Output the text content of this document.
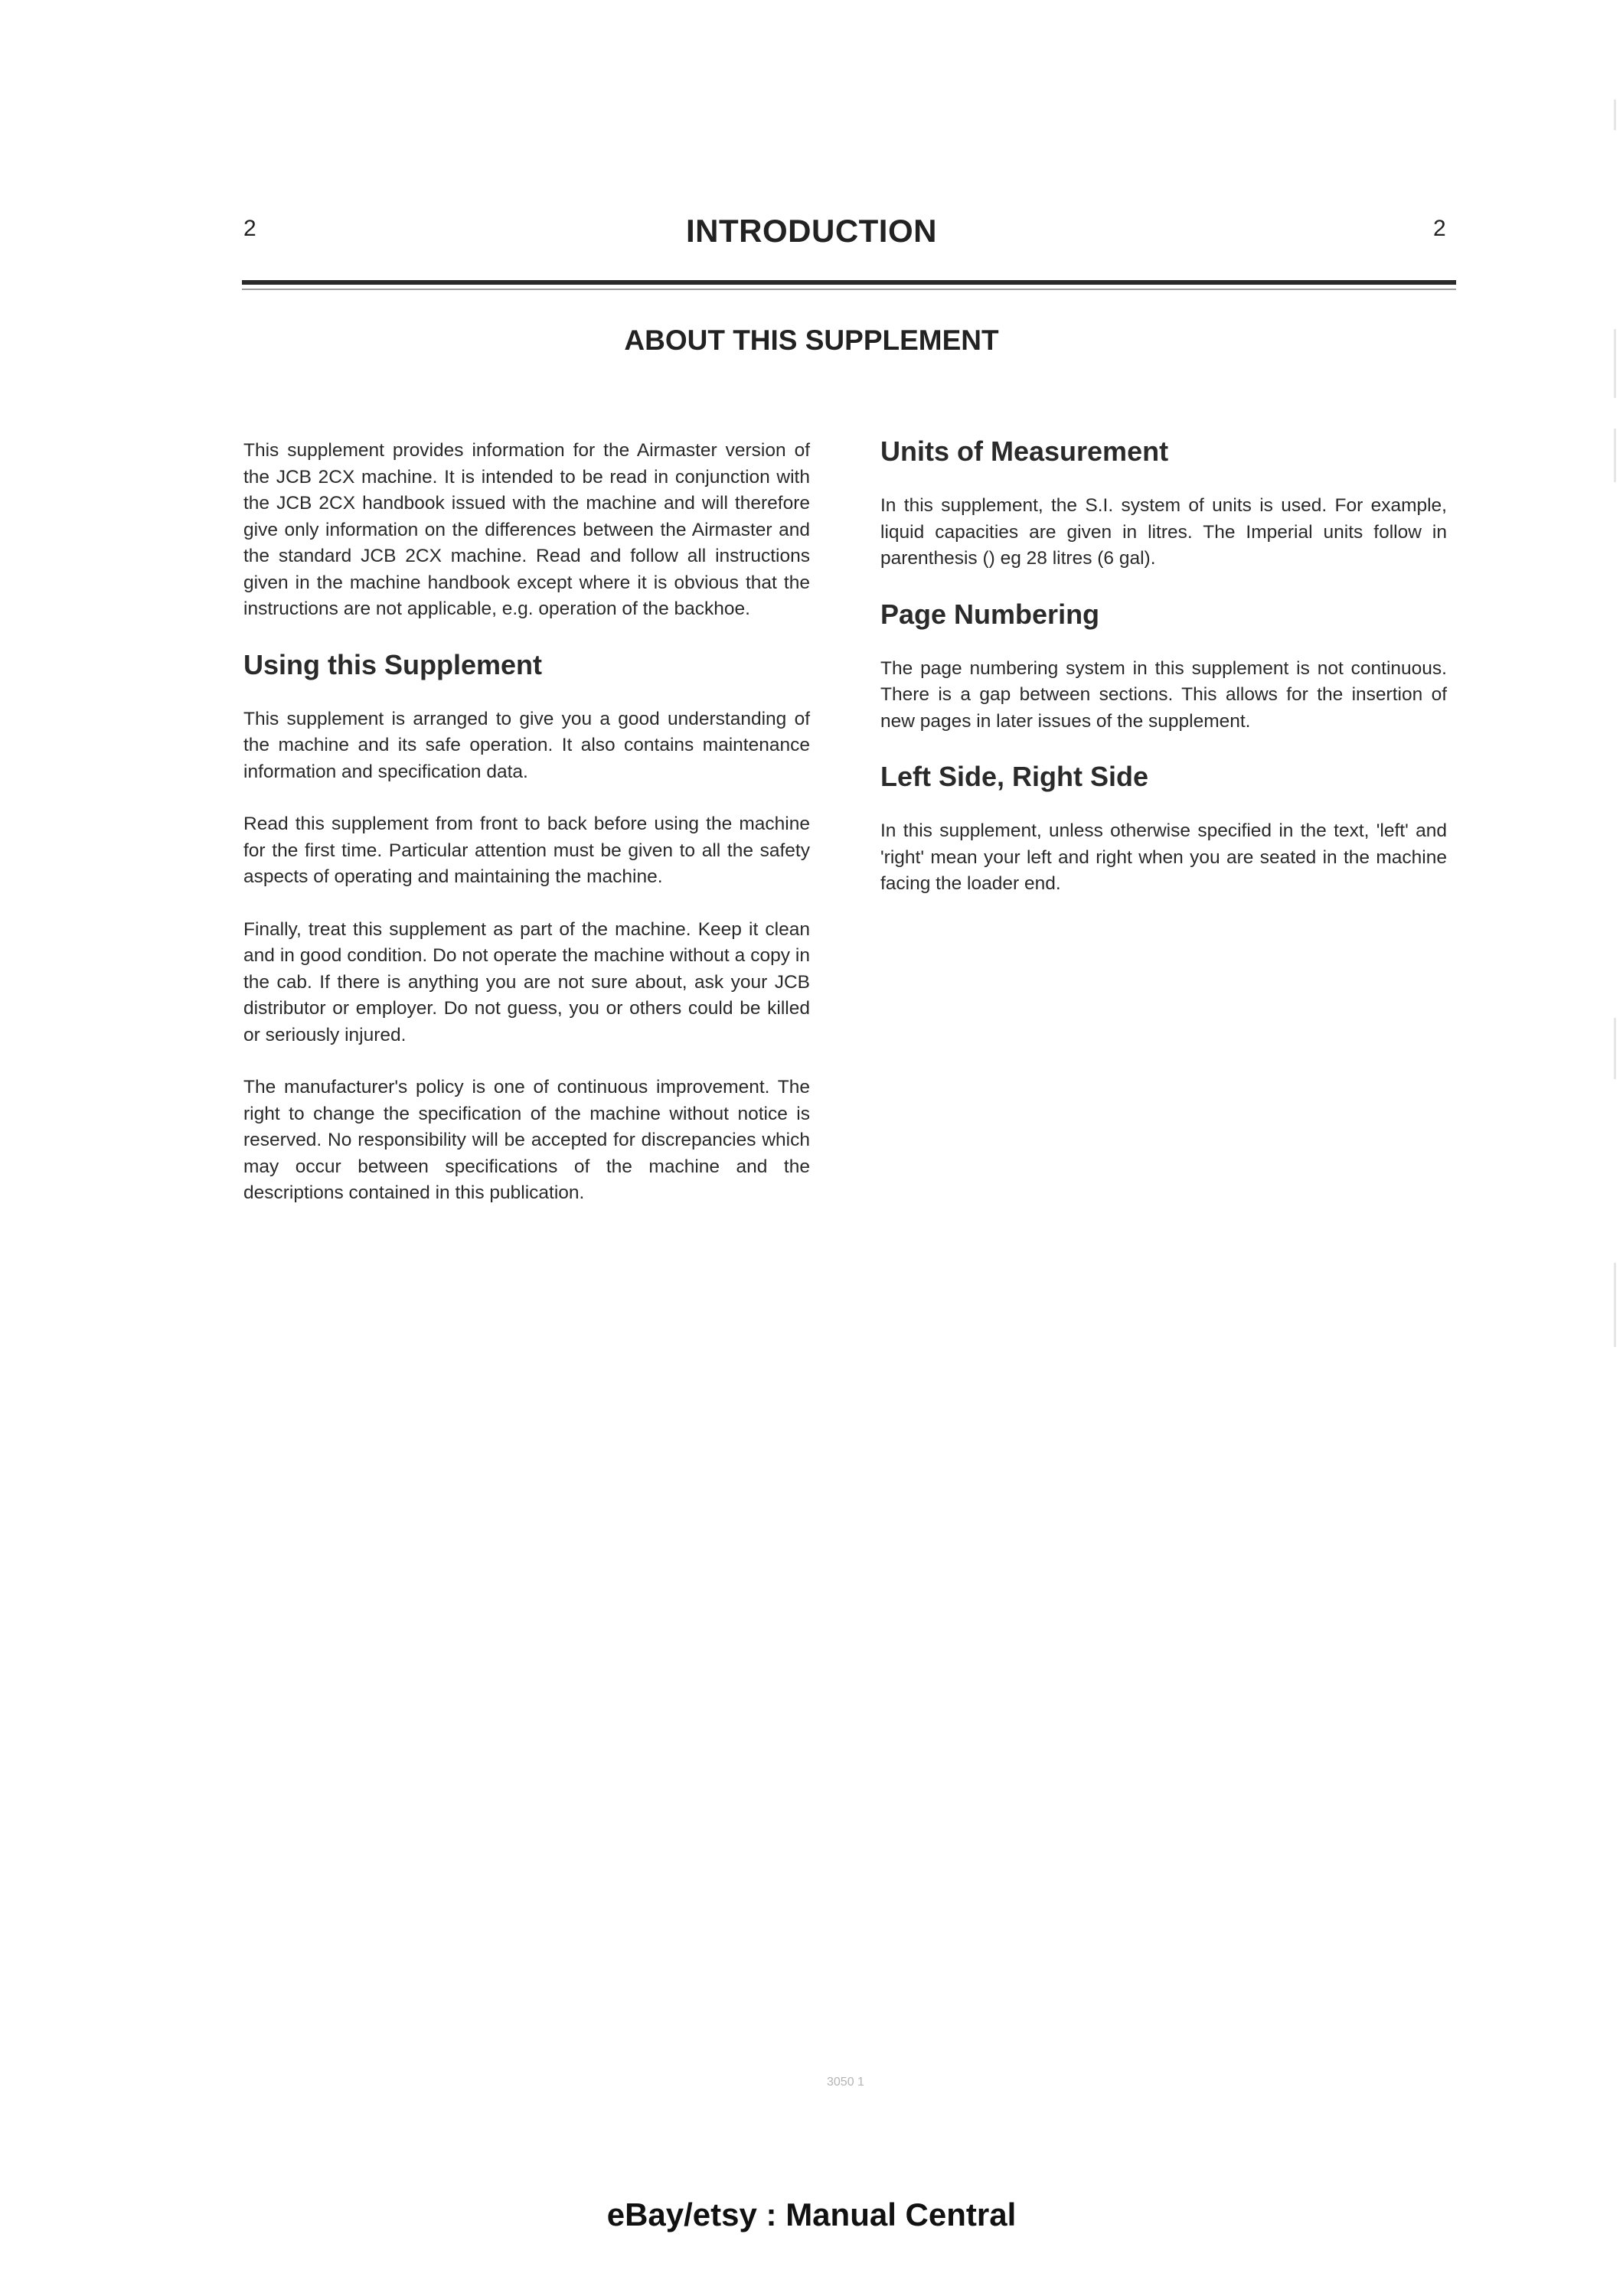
2	INTRODUCTION	2
ABOUT THIS SUPPLEMENT

This supplement provides information for the Airmaster version of the JCB 2CX machine. It is intended to be read in conjunction with the JCB 2CX handbook issued with the machine and will therefore give only information on the differences between the Airmaster and the standard JCB 2CX machine. Read and follow all instructions given in the machine handbook except where it is obvious that the instructions are not applicable, e.g. operation of the backhoe.

Using this Supplement

This supplement is arranged to give you a good understanding of the machine and its safe operation. It also contains maintenance information and specification data.

Read this supplement from front to back before using the machine for the first time. Particular attention must be given to all the safety aspects of operating and maintaining the machine.

Finally, treat this supplement as part of the machine. Keep it clean and in good condition. Do not operate the machine without a copy in the cab. If there is anything you are not sure about, ask your JCB distributor or employer. Do not guess, you or others could be killed or seriously injured.

The manufacturer's policy is one of continuous improvement. The right to change the specification of the machine without notice is reserved. No responsibility will be accepted for discrepancies which may occur between specifications of the machine and the descriptions contained in this publication.

Units of Measurement

In this supplement, the S.I. system of units is used. For example, liquid capacities are given in litres. The Imperial units follow in parenthesis () eg 28 litres (6 gal).

Page Numbering

The page numbering system in this supplement is not continuous. There is a gap between sections. This allows for the insertion of new pages in later issues of the supplement.

Left Side, Right Side

In this supplement, unless otherwise specified in the text, 'left' and 'right' mean your left and right when you are seated in the machine facing the loader end.

3050 1
eBay/etsy : Manual Central
